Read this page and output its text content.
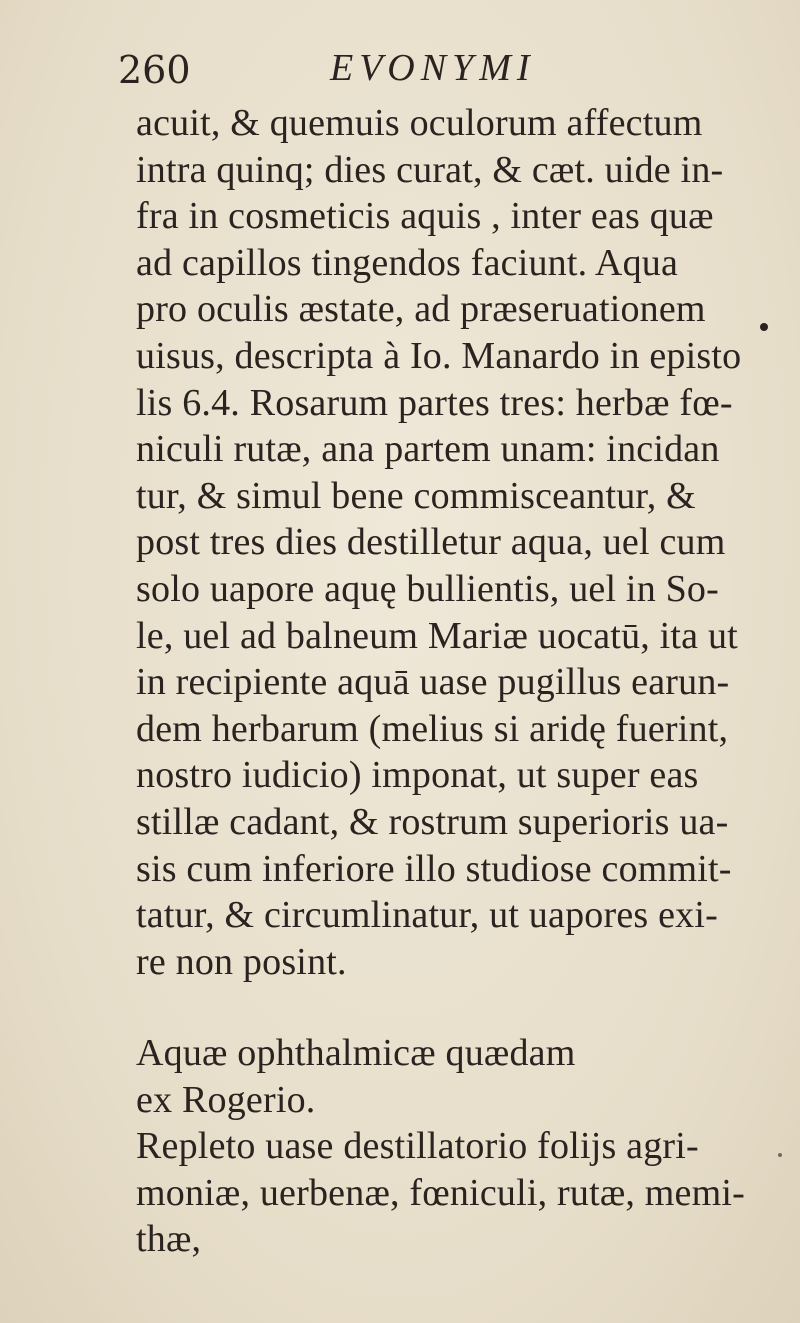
260	EVONYMI
acuit, & quemuis oculorum affectum
intra quinq; dies curat, & cæt. uide in-
fra in cosmeticis aquis , inter eas quæ
ad capillos tingendos faciunt. Aqua
pro oculis æstate, ad præseruationem
uisus, descripta à Io. Manardo in episto
lis 6.4. Rosarum partes tres: herbæ fœ-
niculi rutæ, ana partem unam: incidan
tur, & simul bene commisceantur, &
post tres dies destilletur aqua, uel cum
solo uapore aquę bullientis, uel in So-
le, uel ad balneum Mariæ uocatū, ita ut
in recipiente aquā uase pugillus earun-
dem herbarum (melius si aridę fuerint,
nostro iudicio) imponat, ut super eas
stillæ cadant, & rostrum superioris ua-
sis cum inferiore illo studiose commit-
tatur, & circumlinatur, ut uapores exi-
re non posint.
Aquæ ophthalmicæ quædam
ex Rogerio.
Repleto uase destillatorio folijs agri-
moniæ, uerbenæ, fœniculi, rutæ, memi-
thæ,
